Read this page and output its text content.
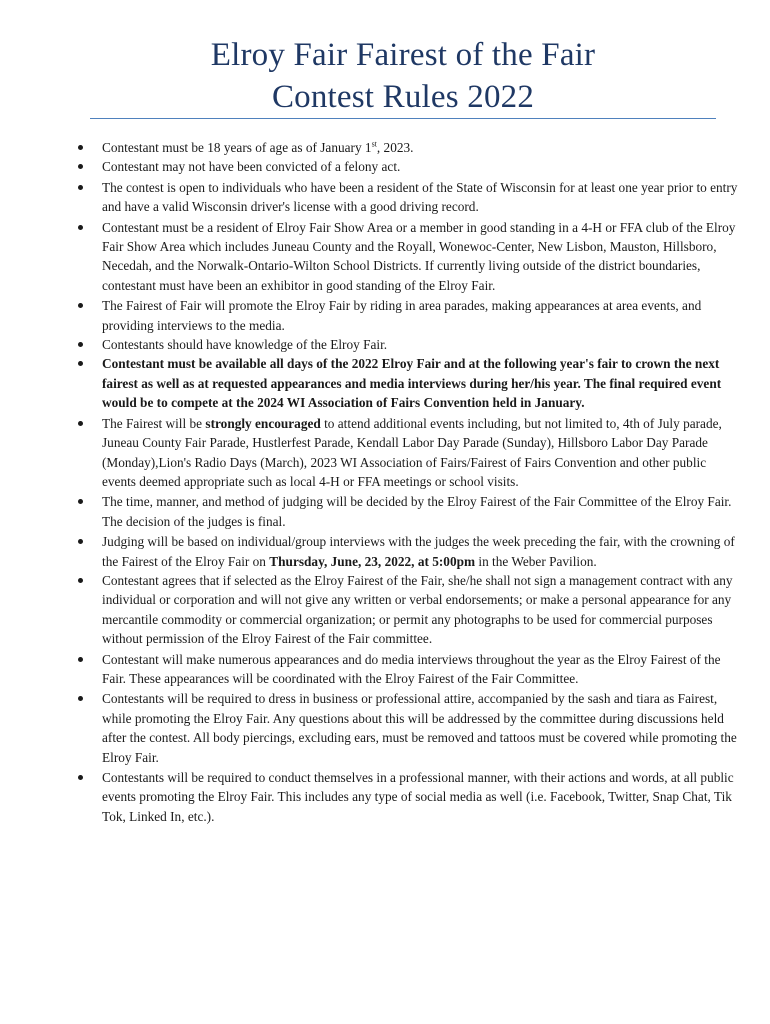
Elroy Fair Fairest of the Fair
Contest Rules 2022
Contestant must be 18 years of age as of January 1st, 2023.
Contestant may not have been convicted of a felony act.
The contest is open to individuals who have been a resident of the State of Wisconsin for at least one year prior to entry and have a valid Wisconsin driver's license with a good driving record.
Contestant must be a resident of Elroy Fair Show Area or a member in good standing in a 4-H or FFA club of the Elroy Fair Show Area which includes Juneau County and the Royall, Wonewoc-Center, New Lisbon, Mauston, Hillsboro, Necedah, and the Norwalk-Ontario-Wilton School Districts. If currently living outside of the district boundaries, contestant must have been an exhibitor in good standing of the Elroy Fair.
The Fairest of Fair will promote the Elroy Fair by riding in area parades, making appearances at area events, and providing interviews to the media.
Contestants should have knowledge of the Elroy Fair.
Contestant must be available all days of the 2022 Elroy Fair and at the following year's fair to crown the next fairest as well as at requested appearances and media interviews during her/his year. The final required event would be to compete at the 2024 WI Association of Fairs Convention held in January.
The Fairest will be strongly encouraged to attend additional events including, but not limited to, 4th of July parade, Juneau County Fair Parade, Hustlerfest Parade, Kendall Labor Day Parade (Sunday), Hillsboro Labor Day Parade (Monday),Lion's Radio Days (March), 2023 WI Association of Fairs/Fairest of Fairs Convention and other public events deemed appropriate such as local 4-H or FFA meetings or school visits.
The time, manner, and method of judging will be decided by the Elroy Fairest of the Fair Committee of the Elroy Fair. The decision of the judges is final.
Judging will be based on individual/group interviews with the judges the week preceding the fair, with the crowning of the Fairest of the Elroy Fair on Thursday, June, 23, 2022, at 5:00pm in the Weber Pavilion.
Contestant agrees that if selected as the Elroy Fairest of the Fair, she/he shall not sign a management contract with any individual or corporation and will not give any written or verbal endorsements; or make a personal appearance for any mercantile commodity or commercial organization; or permit any photographs to be used for commercial purposes without permission of the Elroy Fairest of the Fair committee.
Contestant will make numerous appearances and do media interviews throughout the year as the Elroy Fairest of the Fair. These appearances will be coordinated with the Elroy Fairest of the Fair Committee.
Contestants will be required to dress in business or professional attire, accompanied by the sash and tiara as Fairest, while promoting the Elroy Fair. Any questions about this will be addressed by the committee during discussions held after the contest. All body piercings, excluding ears, must be removed and tattoos must be covered while promoting the Elroy Fair.
Contestants will be required to conduct themselves in a professional manner, with their actions and words, at all public events promoting the Elroy Fair. This includes any type of social media as well (i.e. Facebook, Twitter, Snap Chat, Tik Tok, Linked In, etc.).
